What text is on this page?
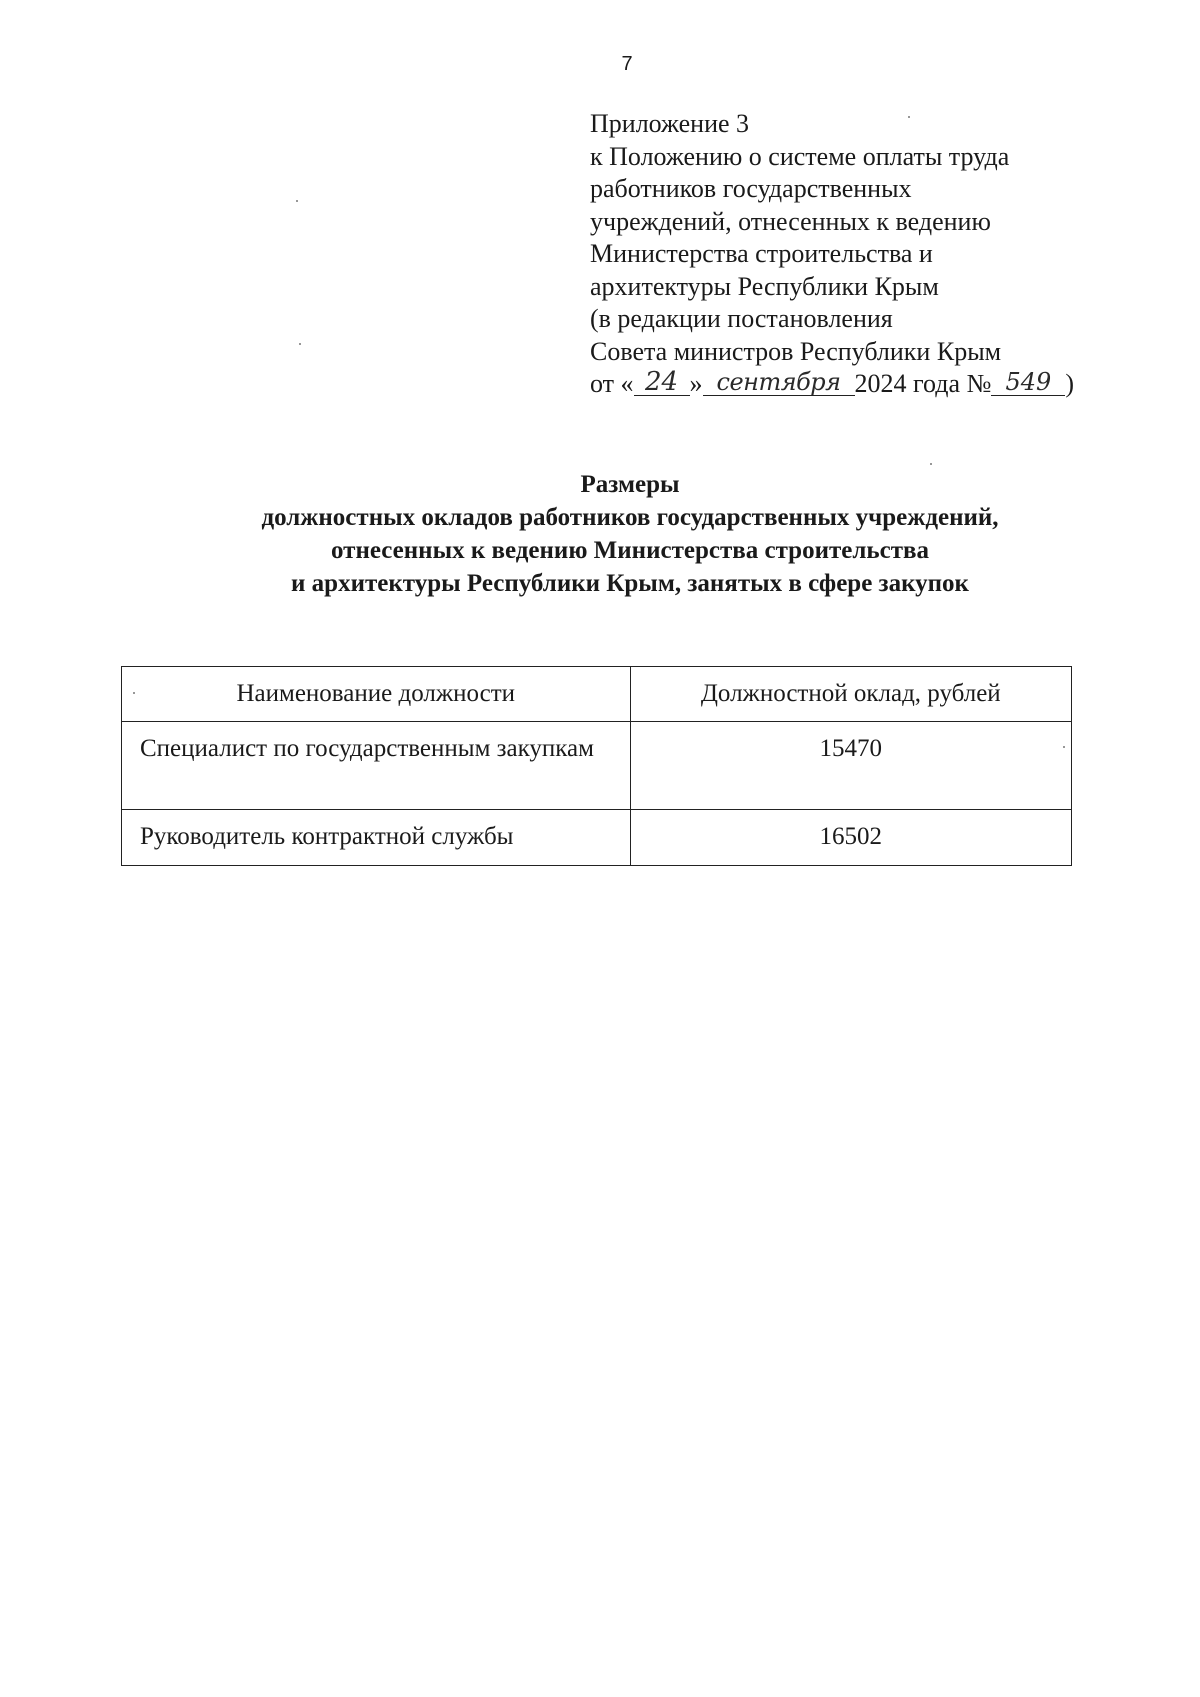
7
Приложение 3
к Положению о системе оплаты труда
работников государственных
учреждений, отнесенных к ведению
Министерства строительства и
архитектуры Республики Крым
(в редакции постановления
Совета министров Республики Крым
от « 24 » сентября 2024 года № 549 )
Размеры
должностных окладов работников государственных учреждений,
отнесенных к ведению Министерства строительства
и архитектуры Республики Крым, занятых в сфере закупок
Наименование должности	Должностной оклад, рублей
Специалист по государственным закупкам	15470
Руководитель контрактной службы	16502
